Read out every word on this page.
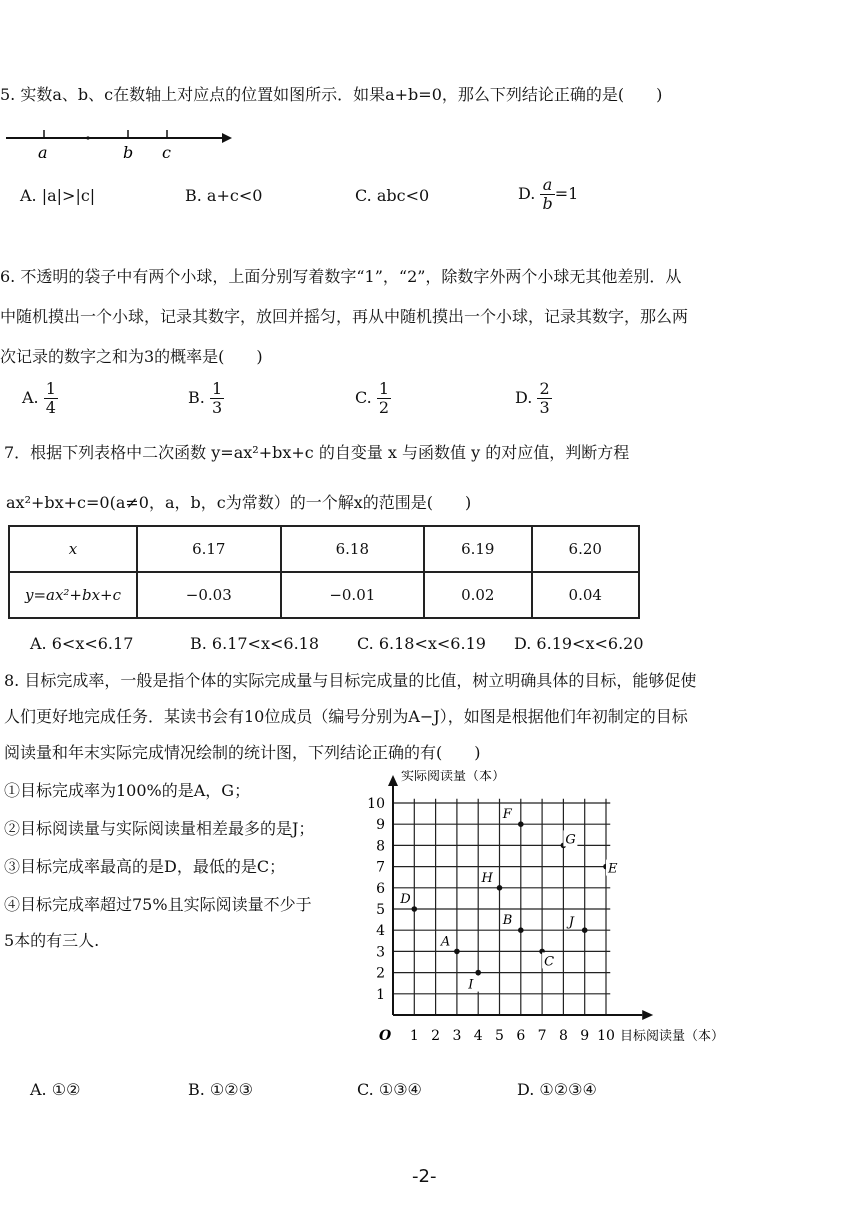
5. 实数a、b、c在数轴上对应点的位置如图所示．如果a+b=0，那么下列结论正确的是(　　)
a	b c
A. |a|>|c|	B. a+c<0	C. abc<0	D. $\frac{a}{b} =1$
6. 不透明的袋子中有两个小球，上面分别写着数字“1”，“2”，除数字外两个小球无其他差别．从
中随机摸出一个小球，记录其数字，放回并摇匀，再从中随机摸出一个小球，记录其数字，那么两
次记录的数字之和为3的概率是(　　)
A. $\frac{1}{4}$	B. $\frac{1}{3}$	C. $\frac{1}{2}$	D. $\frac{2}{3}$
7．根据下列表格中二次函数 y=ax²+bx+c 的自变量 x 与函数值 y 的对应值，判断方程
ax²+bx+c=0(a≠0，a，b，c为常数）的一个解x的范围是(　　)
x	6.17	6.18	6.19	6.20
y=ax²+bx+c	−0.03	−0.01	0.02	0.04
A. 6<x<6.17	B. 6.17<x<6.18 C. 6.18<x<6.19 D. 6.19<x<6.20
8. 目标完成率，一般是指个体的实际完成量与目标完成量的比值，树立明确具体的目标，能够促使
人们更好地完成任务．某读书会有10位成员（编号分别为A−J），如图是根据他们年初制定的目标
阅读量和年末实际完成情况绘制的统计图，下列结论正确的有(　　)
①目标完成率为100%的是A，G；
②目标阅读量与实际阅读量相差最多的是J；
③目标完成率最高的是D，最低的是C；
④目标完成率超过75%且实际阅读量不少于
5本的有三人.
实际阅读量（本）
目标阅读量（本）
O 1 2 3 4 5 6 7 8 9 10
1
2
3
4
5
6
7
8
9
10
A
B
C
D
E
F
G
H
I
J
A. ①②	B. ①②③	C. ①③④	D. ①②③④
-2-
